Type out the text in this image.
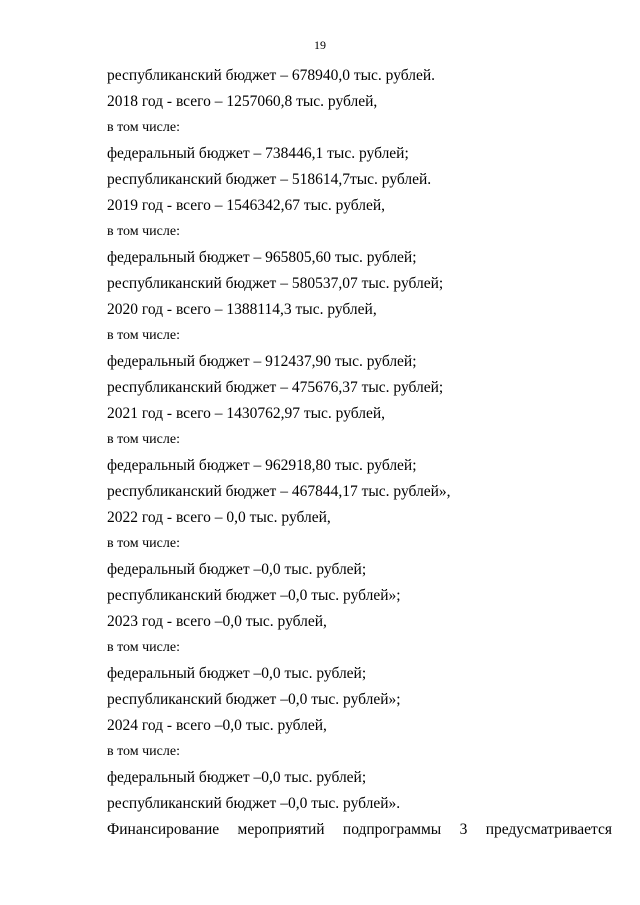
19
республиканский бюджет – 678940,0 тыс. рублей.
2018 год - всего – 1257060,8 тыс. рублей,
в том числе:
федеральный бюджет – 738446,1 тыс. рублей;
республиканский бюджет – 518614,7тыс. рублей.
2019 год - всего – 1546342,67 тыс. рублей,
в том числе:
федеральный бюджет – 965805,60 тыс. рублей;
республиканский бюджет – 580537,07 тыс. рублей;
2020 год - всего – 1388114,3 тыс. рублей,
в том числе:
федеральный бюджет – 912437,90 тыс. рублей;
республиканский бюджет – 475676,37 тыс. рублей;
2021 год - всего – 1430762,97 тыс. рублей,
в том числе:
федеральный бюджет – 962918,80 тыс. рублей;
республиканский бюджет – 467844,17 тыс. рублей»,
2022 год - всего – 0,0 тыс. рублей,
в том числе:
федеральный бюджет –0,0 тыс. рублей;
республиканский бюджет –0,0 тыс. рублей»;
2023 год - всего –0,0 тыс. рублей,
в том числе:
федеральный бюджет –0,0 тыс. рублей;
республиканский бюджет –0,0 тыс. рублей»;
2024 год - всего –0,0 тыс. рублей,
в том числе:
федеральный бюджет –0,0 тыс. рублей;
республиканский бюджет –0,0 тыс. рублей».
Финансирование мероприятий подпрограммы 3 предусматривается
